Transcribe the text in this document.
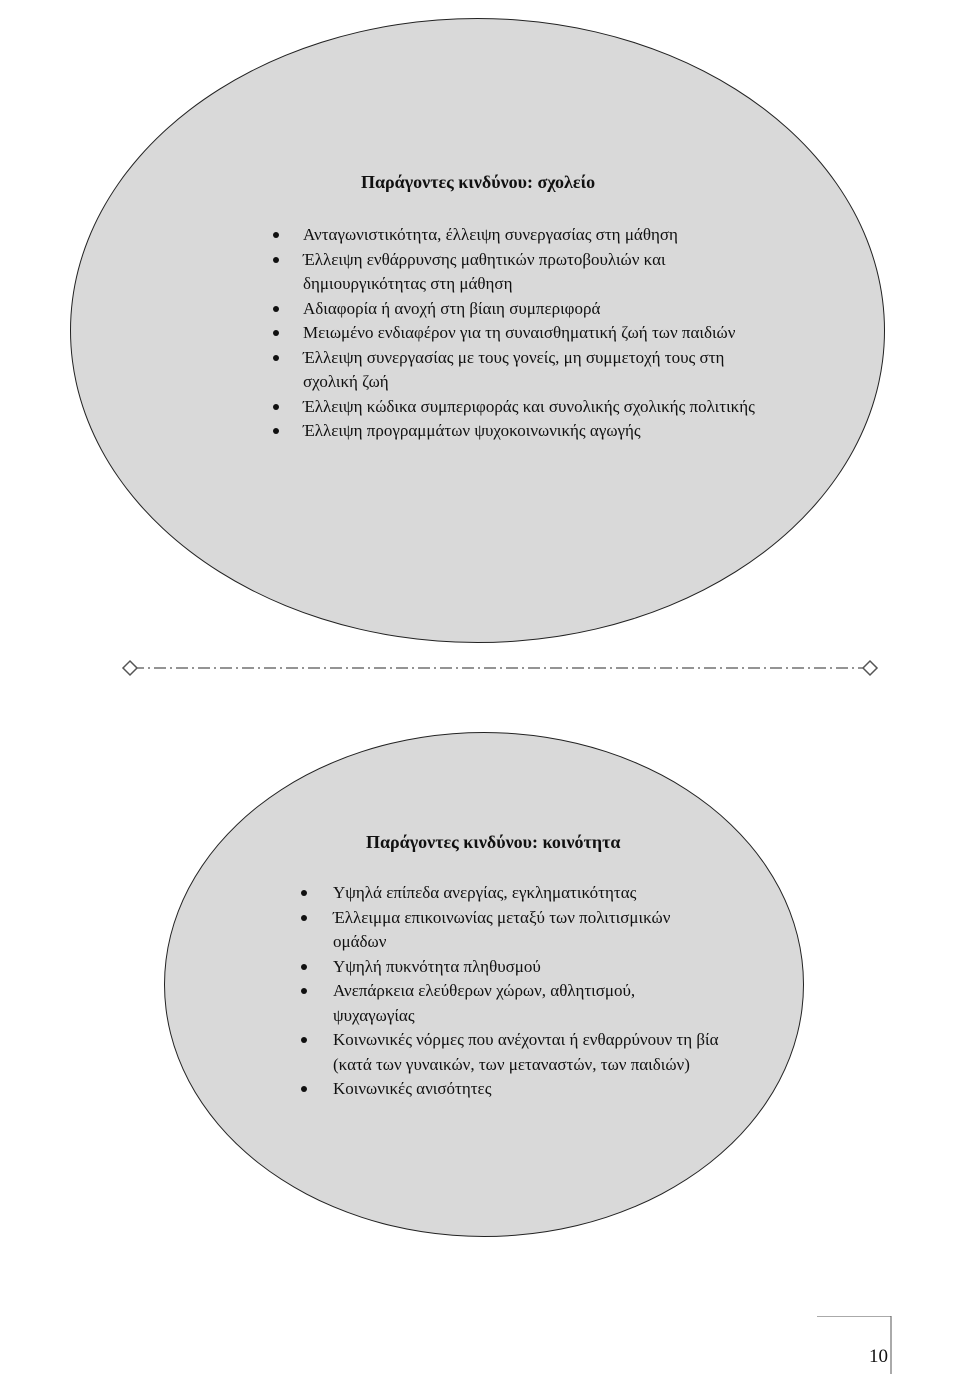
Παράγοντες κινδύνου: σχολείο

Ανταγωνιστικότητα, έλλειψη συνεργασίας στη μάθηση
Έλλειψη ενθάρρυνσης μαθητικών πρωτοβουλιών και δημιουργικότητας στη μάθηση
Αδιαφορία ή ανοχή στη βίαιη συμπεριφορά
Μειωμένο ενδιαφέρον για τη συναισθηματική ζωή των παιδιών
Έλλειψη συνεργασίας με τους γονείς, μη συμμετοχή τους στη σχολική ζωή
Έλλειψη κώδικα συμπεριφοράς και συνολικής σχολικής πολιτικής
Έλλειψη προγραμμάτων ψυχοκοινωνικής αγωγής

Παράγοντες κινδύνου: κοινότητα

Υψηλά επίπεδα ανεργίας, εγκληματικότητας
Έλλειμμα επικοινωνίας μεταξύ των πολιτισμικών ομάδων
Υψηλή πυκνότητα πληθυσμού
Ανεπάρκεια ελεύθερων χώρων, αθλητισμού, ψυχαγωγίας
Κοινωνικές νόρμες που ανέχονται ή ενθαρρύνουν τη βία (κατά των γυναικών, των μεταναστών, των παιδιών)
Κοινωνικές ανισότητες
10
